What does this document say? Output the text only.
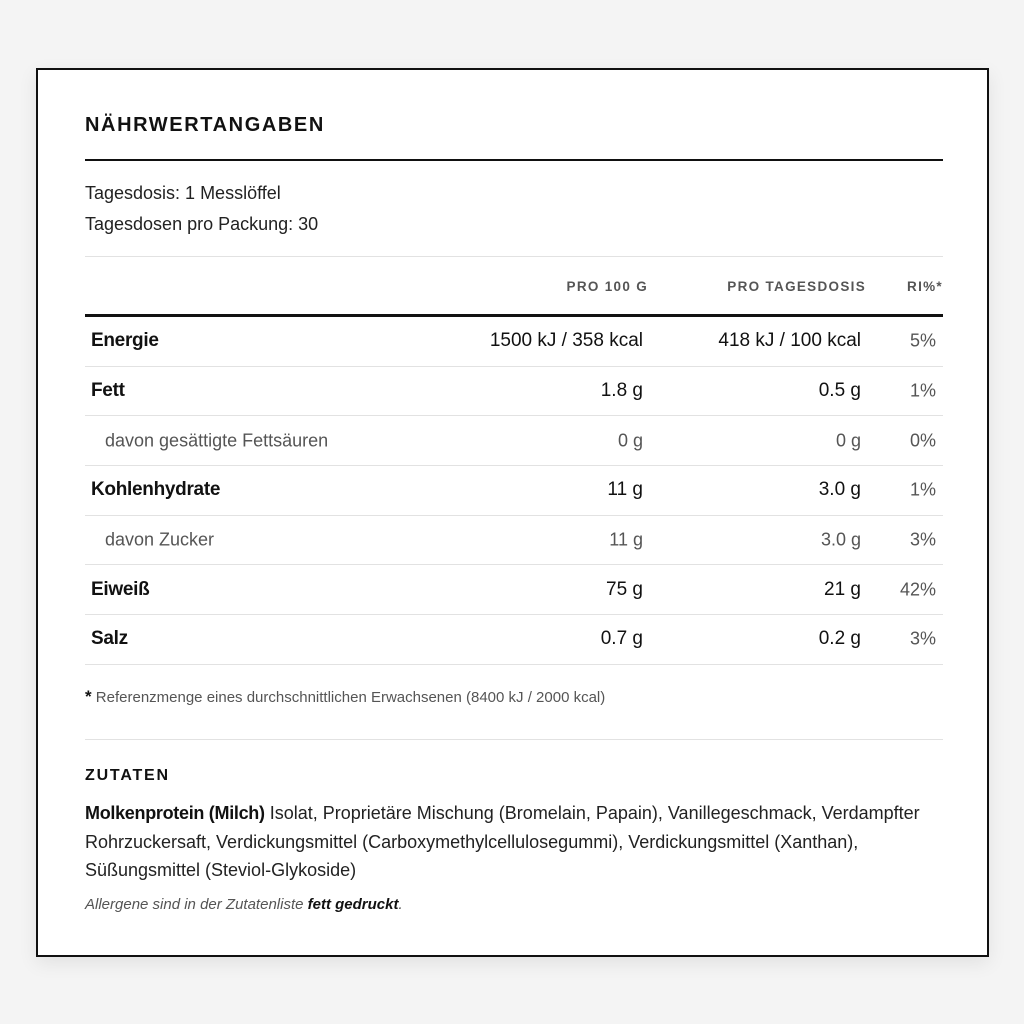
NÄHRWERTANGABEN
Tagesdosis: 1 Messlöffel
Tagesdosen pro Packung: 30
PRO 100 G	PRO TAGESDOSIS	RI%*
Energie	1500 kJ / 358 kcal	418 kJ / 100 kcal	5%
Fett	1.8 g	0.5 g	1%
davon gesättigte Fettsäuren	0 g	0 g	0%
Kohlenhydrate	11 g	3.0 g	1%
davon Zucker	11 g	3.0 g	3%
Eiweiß	75 g	21 g 42%
Salz	0.7 g	0.2 g	3%
* Referenzmenge eines durchschnittlichen Erwachsenen (8400 kJ / 2000 kcal)
ZUTATEN
Molkenprotein (Milch) Isolat, Proprietäre Mischung (Bromelain, Papain), Vanillegeschmack, Verdampfter Rohrzuckersaft, Verdickungsmittel (Carboxymethylcellulosegummi), Verdickungsmittel (Xanthan), Süßungsmittel (Steviol-Glykoside)
Allergene sind in der Zutatenliste fett gedruckt.
